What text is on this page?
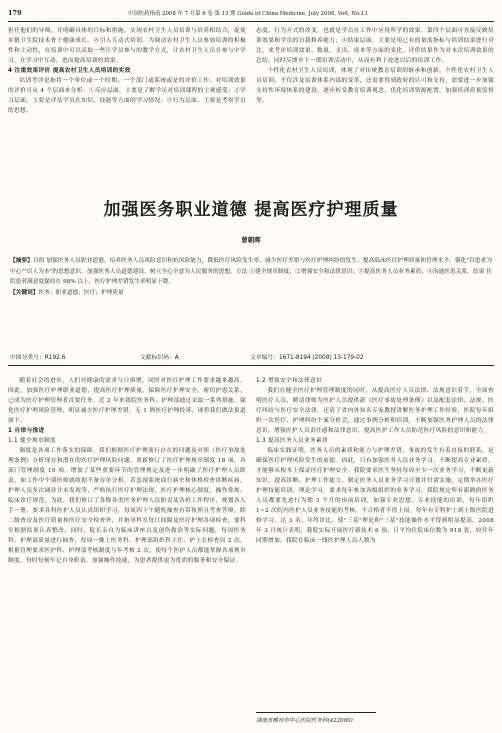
179	中国医药指南 2008 年 7 月第 6 卷 第 13 期 Guide of China Medicine, July 2008, Vo6, No.13

担任他们的导师，并明确具体的目标和措施，实现农村卫生人员培训与培养相结合，促使乡镇卫生院技术骨干健康成长。⑧引入互动式培训。为调动农村卫生人员参加培训的积极性和主动性，在培训中可以采取一些让学员参与的教学方式，让农村卫生人员在参与中学习，在学习中互动，进而提高培训的效果。

4 注重效果评价 提高农村卫生人员培训的实效

培训考评是指将一个单位或一个时期，一个部门或系统或是的评价工作，对培训效果的评价可从 4 个层面来分析：①反应层面，主要是了解学员对培训课程的主观感受；②学习层面，主要是评估学员在知识、技能等方面的学习情况；③行为层面，主要是考察学员的思想、

态度、行为方式的改变，也就是学员在工作中应用所学的效果。第四个层面可直接反映培训效果和学员的自我修养能力；④结果层面，主要是用已有的量度指标与培训结果进行对比，来考评培训效果、数量、支出、成本等方面的变化。评价结果作为对本次培训效果的总结，同时反馈至下一期培训活动中，从而有利于改进以后的培训工作。

个性化农村卫生人员培训，体现了对传统教育培训的继承和创新。个性化农村卫生人员培训，不仅涉及培训体系内部的变革，还需要得到政府的认可和支持，需要进一步加强支持性环境体系的建设，逐步转变教育培训观念，优化培训资源配置，加强培训质量监督等。

加强医务职业道德 提高医疗护理质量
曾朝晖

【摘要】目的 加强医务人员职业道德，培养医务人员风险意识和抗风险能力，降低医疗风险发生率，减少医疗差错与医疗护理纠纷的发生，提高临床医疗护理质量和管理水平。强化"以患者为中心""以人为本"的思想意识，加强医务人员道德建设，树立全心全意为人民服务的思想。方法 ①建全规章制度；②增强安全和法律意识；③提高医务人员业务素质；④沟通医患关系。结果 住院患者满意度保持在 98% 以上，医疗护理差错发生率明显下降。

【关键词】医务；职业道德；医疗；护理质量

中图分类号：R192.6	文献标识码：A	文章编号：1671-8194 (2008) 13-179-02

随着社会的进步，人们对健康的需求与日俱增，同时对医疗护理工作要求越来越高。因此，加强医疗护理职业道德，提高医疗护理质量，保障医疗护理安全，密切护患关系，已成为医疗护理管理者首要任务。近 2 年来我院医务科、护理部通过采取一系列措施，强化医疗护理风险管理，明显减少医疗护理差错，无 1 例医疗护理投诉，现将我们做法报道如下。

1 自律与推进

1.1 健全规章制度

制度是各项工作落实的保障。我们根据医疗护理流行存在的问题及对照《医疗事故处理条例》分析现存和潜在的医疗护理风险问题，重新修订了医疗护理规章制度 18 项，各部门管理制度 10 项。增加了某些重要环节的管理规定及进一步明确了医疗护理人员职责，如工作中个别医师就收据不备存单分析，若忽视系统商行病史和体格检查诊断疾病，护理人员多次调诊并未发现等，严格执行医疗护理法规、医疗护理核心制度、操作常规、临床诊疗规范，为此，我们修订了各级各类医务护理人员职责及各班工作程序，规划各人手一册，要求各科医护人员认真组织学习，每周四下午随机抽查有带执照且考查答辩，除二级查房及医疗质量和医疗安全检查外，并指导科室每日间隔及医疗护理各项检查，要科室根据结果认真整改，同时，院长亲自为临床讲座以及创伤救治等实际问题，每周医务科、护理部质量进行抽查，每周一晚上医务科、护理部组织科主任、护士长检查周 2 次，根据管理要求医护科、护理部考核制度与年考核 2 次，使每个医护人员都能掌握各项规章制度，每时每刻牢记自身职责，加强操作技能，为患者提供更为优质的服务和安全保证。

1.2 增强安全和法律意识

我们在健全医疗护理管理制度的同时，从提高医疗人员法律、法规意识着手，全面查明医疗人员，聘请律师为医护人员提供新《医疗事故处理条例》以及配套法律、法规、医疗纠纷与医疗安全法律，还请了省内外知名专家教授讲解医务护理工作经验，医院每年组织一次医疗、护理纠纷个案分析会，通过事例分析和培训，不断加强医务护理人员的法律意识，增强医护人员责任感和法律意识，提高医护工作人员防范医疗风险的意识和能力。

1.3 提高医务人员业务素质

临床实践证明，医务人员的素质和能力与护理差错、事故的发生有着直接的联系，是确保医疗护理风险发生的前提。因此，只有加强医务人员业务学习，不断提高专业素质，才能够从根本上保证医疗护理安全。我院要求医生坚持每周至少一次业务学习，不断更新知识、提高诊断、护理工作能力。制定医务人员业务学习计划并付诸实施，定期举办医疗护理技能培训、理论学习，要求每年参加各级组织的业务学习，我院规定所有新聘的医务人员都要先进行为期 3 个月的岗前培训，加强专业思想、专业技能的培训，每年组织 1~2 次院内医护人员业务技能的考核，不合格者不得上岗。每年有专科护士到上级医院进修学习，达 3 名，年终评比、使"三基"理论和"三基"技能操作水平得到明显提高。2008 年 3 月统计表明，我院实际开展医疗新技术 6 项，日平均住院床位数为 918 张，较往年同期增加，我院在临床一线医护理人员人数为

湖南省郴州市中心医院医务科(422000)
